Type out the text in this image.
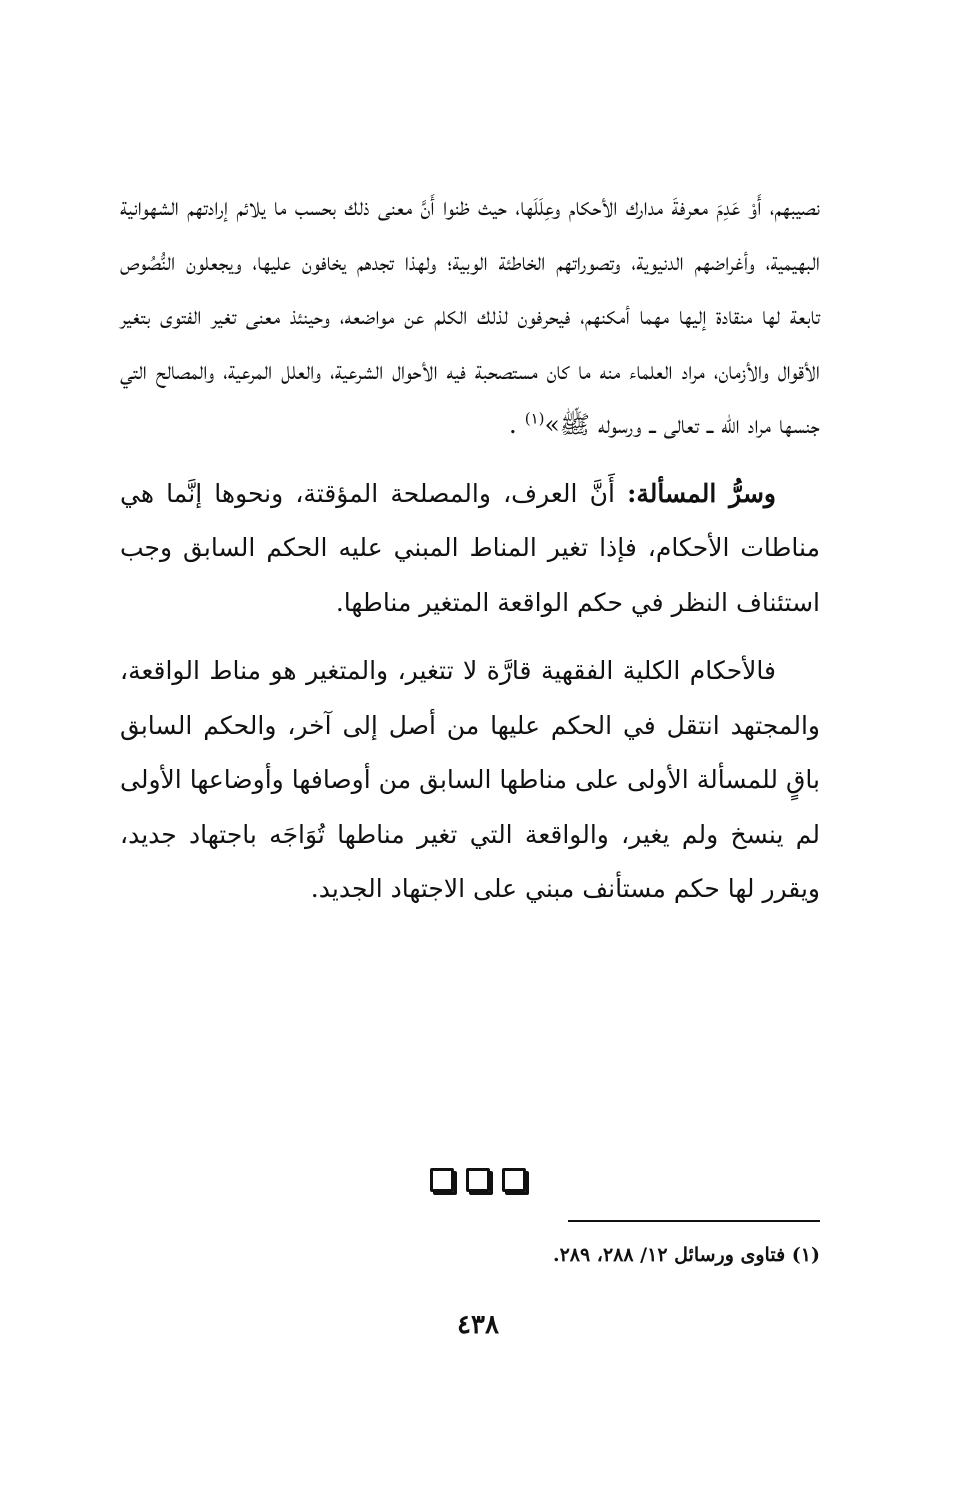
نصيبهم، أَوْ عَدِمَ معرفةَ مدارك الأحكام وعِلَلَها، حيث ظنوا أَنَّ معنى ذلك بحسب ما يلائم إرادتهم الشهوانية البهيمية، وأغراضهم الدنيوية، وتصوراتهم الخاطئة الوبية؛ ولهذا تجدهم يخافون عليها، ويجعلون النُّصُوص تابعة لها منقادة إليها مهما أمكنهم، فيحرفون لذلك الكلم عن مواضعه، وحينئذ معنى تغير الفتوى بتغير الأقوال والأزمان، مراد العلماء منه ما كان مستصحبة فيه الأحوال الشرعية، والعلل المرعية، والمصالح التي جنسها مراد الله ــ تعالى ــ ورسوله ﷺ»$^{(١)}$ .

وسرُّ المسألة: أَنَّ العرف، والمصلحة المؤقتة، ونحوها إنَّما هي مناطات الأحكام، فإذا تغير المناط المبني عليه الحكم السابق وجب استئناف النظر في حكم الواقعة المتغير مناطها.

فالأحكام الكلية الفقهية قارَّة لا تتغير، والمتغير هو مناط الواقعة، والمجتهد انتقل في الحكم عليها من أصل إلى آخر، والحكم السابق باقٍ للمسألة الأولى على مناطها السابق من أوصافها وأوضاعها الأولى لم ينسخ ولم يغير، والواقعة التي تغير مناطها تُوَاجَه باجتهاد جديد، ويقرر لها حكم مستأنف مبني على الاجتهاد الجديد.

(١) فتاوى ورسائل ١٢/ ٢٨٨، ٢٨٩.
٤٣٨
